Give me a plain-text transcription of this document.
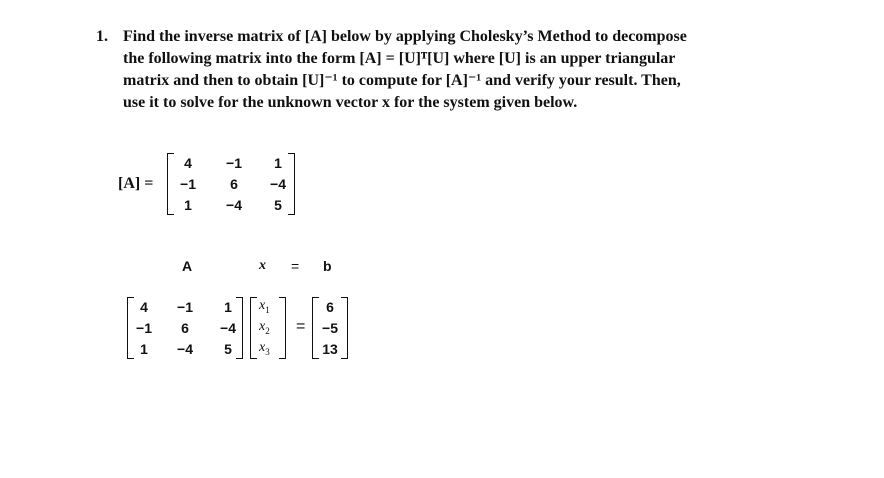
1. Find the inverse matrix of [A] below by applying Cholesky’s Method to decompose
the following matrix into the form [A] = [U]ᵀ[U] where [U] is an upper triangular
matrix and then to obtain [U]⁻¹ to compute for [A]⁻¹ and verify your result. Then,
use it to solve for the unknown vector x for the system given below.
[A] =
4	−1	1
−1	6	−4
1	−4	5
A	x = b
4	−1	1
−1	6	−4
1	−4	5
$x_1$
$x_2$
$x_3$
=
6
−5
13
